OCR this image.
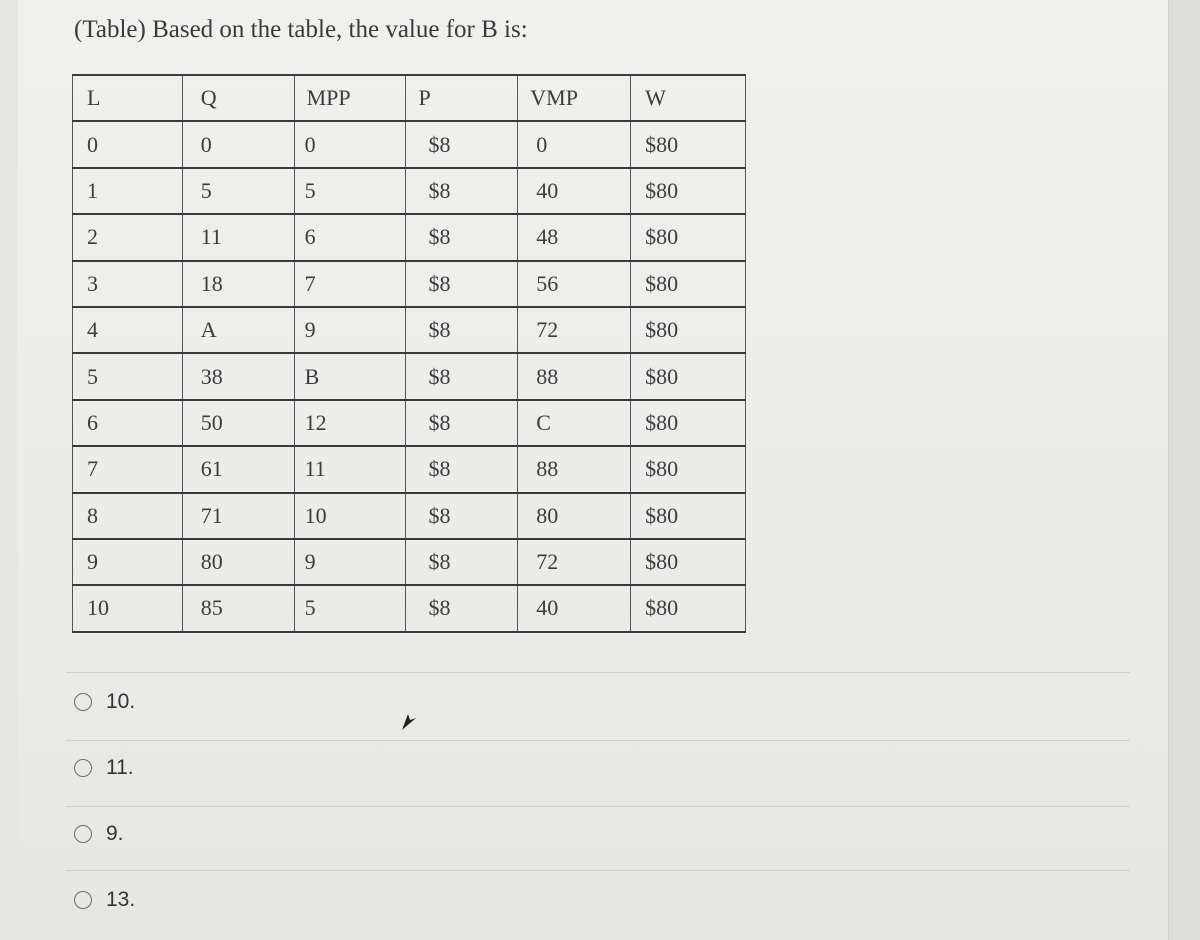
(Table) Based on the table, the value for B is:
L	Q	MPP	P	VMP	W
0	0	0	$8	0	$80
1	5	5	$8	40	$80
2	11	6	$8	48	$80
3	18	7	$8	56	$80
4	A	9	$8	72	$80
5	38	B	$8	88	$80
6	50	12	$8	C	$80
7	61	11	$8	88	$80
8	71	10	$8	80	$80
9	80	9	$8	72	$80
10	85	5	$8	40	$80
10.
11.
9.
13.
